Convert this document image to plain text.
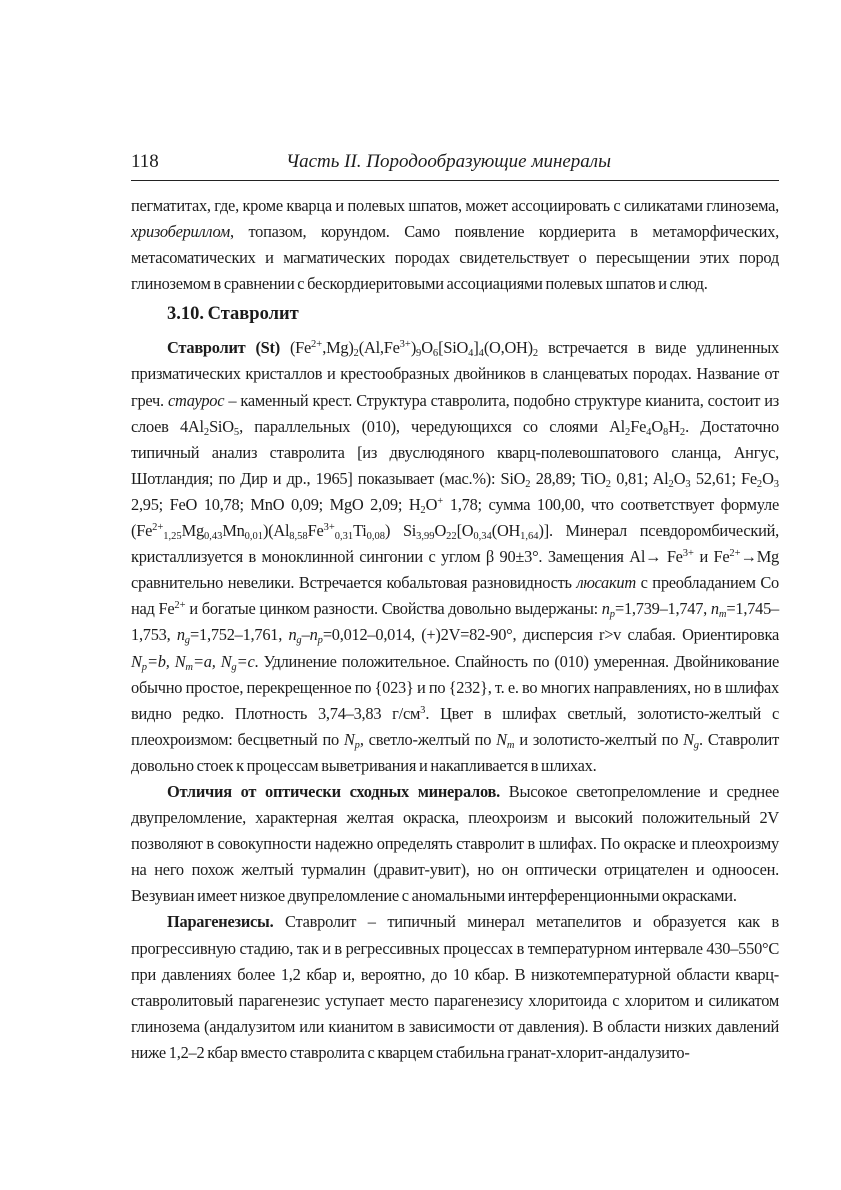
118	Часть II. Породообразующие минералы

пегматитах, где, кроме кварца и полевых шпатов, может ассоциировать с силикатами глинозема, хризобериллом, топазом, корундом. Само появление кордиерита в метаморфических, метасоматических и магматических породах свидетельствует о пересыщении этих пород глиноземом в сравнении с бескордиеритовыми ассоциациями полевых шпатов и слюд.

3.10. Ставролит

Ставролит (St) $(Fe^{2+},Mg)_2(Al,Fe^{3+})_9O_6[SiO_4]_4(O,OH)_2$ встречается в виде удлиненных призматических кристаллов и крестообразных двойников в сланцеватых породах. Название от греч. стаурос – каменный крест. Структура ставролита, подобно структуре кианита, состоит из слоев $4Al_2SiO_5$, параллельных (010), чередующихся со слоями $Al_2Fe_4O_8H_2$. Достаточно типичный анализ ставролита [из двуслюдяного кварц-полевошпатового сланца, Ангус, Шотландия; по Дир и др., 1965] показывает (мас.%): SiO$_2$ 28,89; TiO$_2$ 0,81; $Al_2O_3$ 52,61; $Fe_2O_3$ 2,95; FeO 10,78; MnO 0,09; MgO 2,09; $H_2O^+$ 1,78; сумма 100,00, что соответствует формуле $(Fe^{2+}_{1,25}Mg_{0,43}Mn_{0,01})(Al_{8,58}Fe^{3+}_{0,31}Ti_{0,08})$ $Si_{3,99}O_{22}[O_{0,34}(OH_{1,64})]$. Минерал псевдоромбический, кристаллизуется в моноклинной сингонии с углом β 90±3°. Замещения $Al\to Fe^{3+}$ и $Fe^{2+}\to Mg$ сравнительно невелики. Встречается кобальтовая разновидность люсакит с преобладанием Co над $Fe^{2+}$ и богатые цинком разности. Свойства довольно выдержаны: $n_p=1,739-1,747$, $n_m=1,745-1,753$, $n_g=1,752-1,761$, $n_g-n_p=0,012-0,014$, (+)2V=82-90°, дисперсия r>v слабая. Ориентировка $N_p=b$, $N_m=a$, $N_g=c$. Удлинение положительное. Спайность по (010) умеренная. Двойникование обычно простое, перекрещенное по {023} и по {232}, т. е. во многих направлениях, но в шлифах видно редко. Плотность 3,74–3,83 $г/см^3$. Цвет в шлифах светлый, золотисто-желтый с плеохроизмом: бесцветный по $N_p$, светло-желтый по $N_m$ и золотисто-желтый по $N_g$. Ставролит довольно стоек к процессам выветривания и накапливается в шлихах.

Отличия от оптически сходных минералов. Высокое светопреломление и среднее двупреломление, характерная желтая окраска, плеохроизм и высокий положительный 2V позволяют в совокупности надежно определять ставролит в шлифах. По окраске и плеохроизму на него похож желтый турмалин (дравит-увит), но он оптически отрицателен и одноосен. Везувиан имеет низкое двупреломление с аномальными интерференционными окрасками.

Парагенезисы. Ставролит – типичный минерал метапелитов и образуется как в прогрессивную стадию, так и в регрессивных процессах в температурном интервале 430–550°C при давлениях более 1,2 кбар и, вероятно, до 10 кбар. В низкотемпературной области кварц-ставролитовый парагенезис уступает место парагенезису хлоритоида с хлоритом и силикатом глинозема (андалузитом или кианитом в зависимости от давления). В области низких давлений ниже 1,2–2 кбар вместо ставролита с кварцем стабильна гранат-хлорит-андалузито-
